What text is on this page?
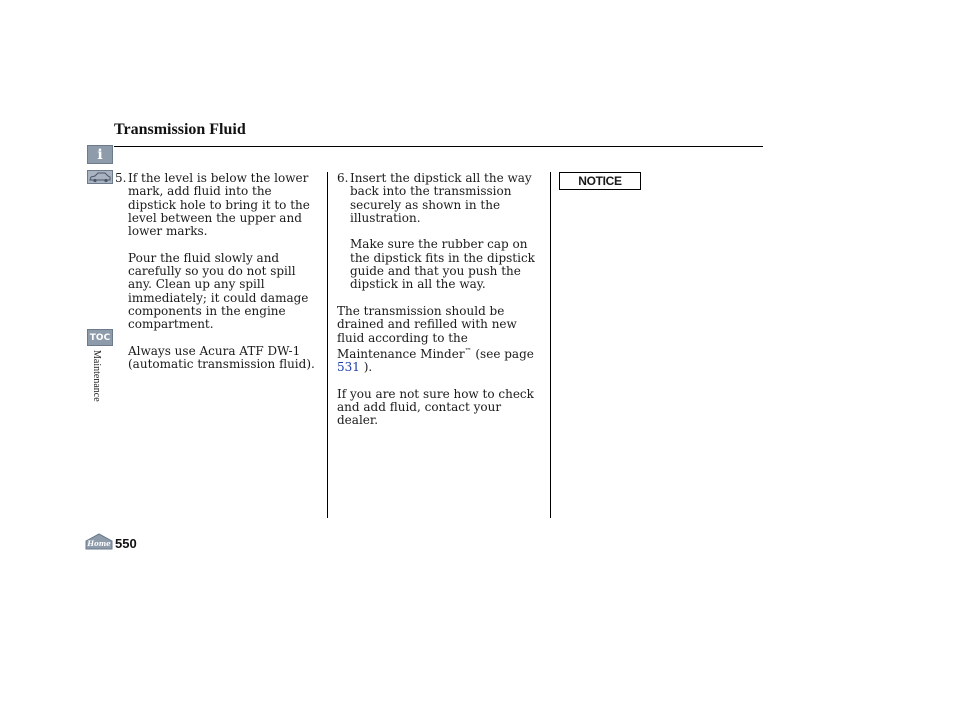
Transmission Fluid
i
TOC
Maintenance
Home 550

5. If the level is below the lower mark, add fluid into the dipstick hole to bring it to the level between the upper and lower marks.

Pour the fluid slowly and carefully so you do not spill any. Clean up any spill immediately; it could damage components in the engine compartment.

Always use Acura ATF DW-1 (automatic transmission fluid).

6. Insert the dipstick all the way back into the transmission securely as shown in the illustration.

Make sure the rubber cap on the dipstick fits in the dipstick guide and that you push the dipstick in all the way.

The transmission should be drained and refilled with new fluid according to the Maintenance Minder™ (see page 531 ).

If you are not sure how to check and add fluid, contact your dealer.

NOTICE
